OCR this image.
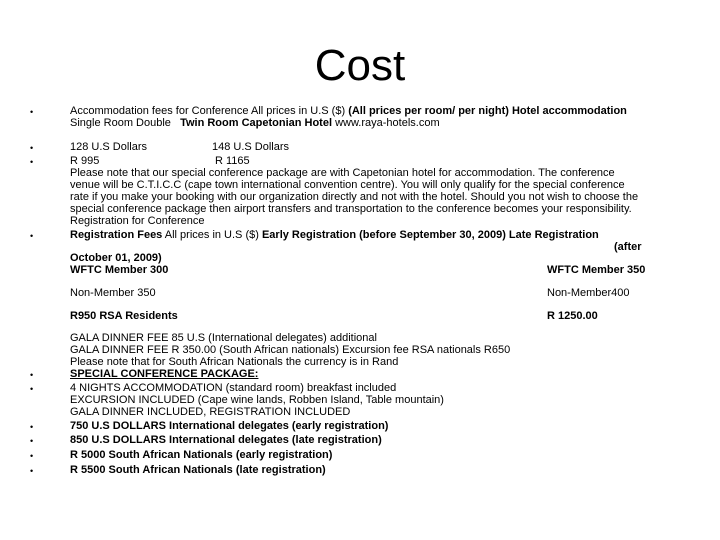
Cost
•	Accommodation fees for Conference All prices in U.S ($) (All prices per room/ per night) Hotel accommodation
Single Room Double Twin Room Capetonian Hotel www.raya-hotels.com
•	128 U.S Dollars	148 U.S Dollars
•	R 995	R 1165
Please note that our special conference package are with Capetonian hotel for accommodation. The conference
venue will be C.T.I.C.C (cape town international convention centre). You will only qualify for the special conference
rate if you make your booking with our organization directly and not with the hotel. Should you not wish to choose the
special conference package then airport transfers and transportation to the conference becomes your responsibility.
Registration for Conference
•	Registration Fees All prices in U.S ($) Early Registration (before September 30, 2009) Late Registration
(after
October 01, 2009)
WFTC Member 300	WFTC Member 350
Non-Member 350	Non-Member400
R950 RSA Residents	R 1250.00
GALA DINNER FEE 85 U.S (International delegates) additional
GALA DINNER FEE R 350.00 (South African nationals) Excursion fee RSA nationals R650
Please note that for South African Nationals the currency is in Rand
•	SPECIAL CONFERENCE PACKAGE:
•	4 NIGHTS ACCOMMODATION (standard room) breakfast included
EXCURSION INCLUDED (Cape wine lands, Robben Island, Table mountain)
GALA DINNER INCLUDED, REGISTRATION INCLUDED
•	750 U.S DOLLARS International delegates (early registration)
•	850 U.S DOLLARS International delegates (late registration)
•	R 5000 South African Nationals (early registration)
•	R 5500 South African Nationals (late registration)
